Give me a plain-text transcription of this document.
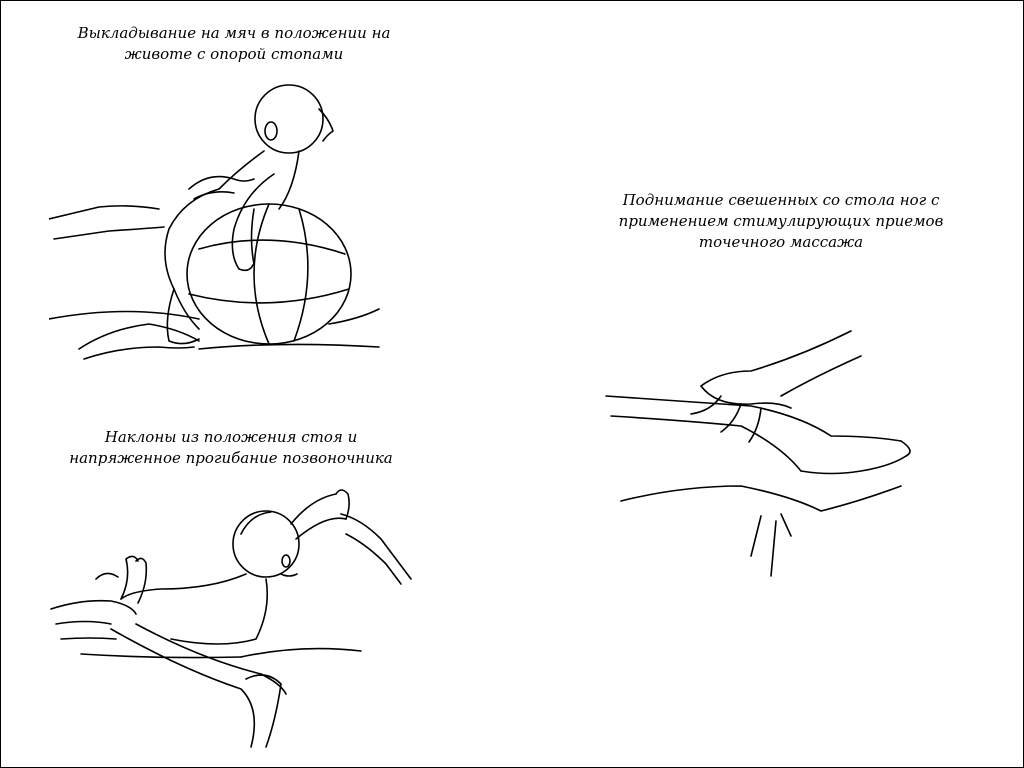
Выкладывание на мяч в положении на
животе с опорой стопами
Поднимание свешенных со стола ног с
применением стимулирующих приемов
точечного массажа
Наклоны из положения стоя и
напряженное прогибание позвоночника
